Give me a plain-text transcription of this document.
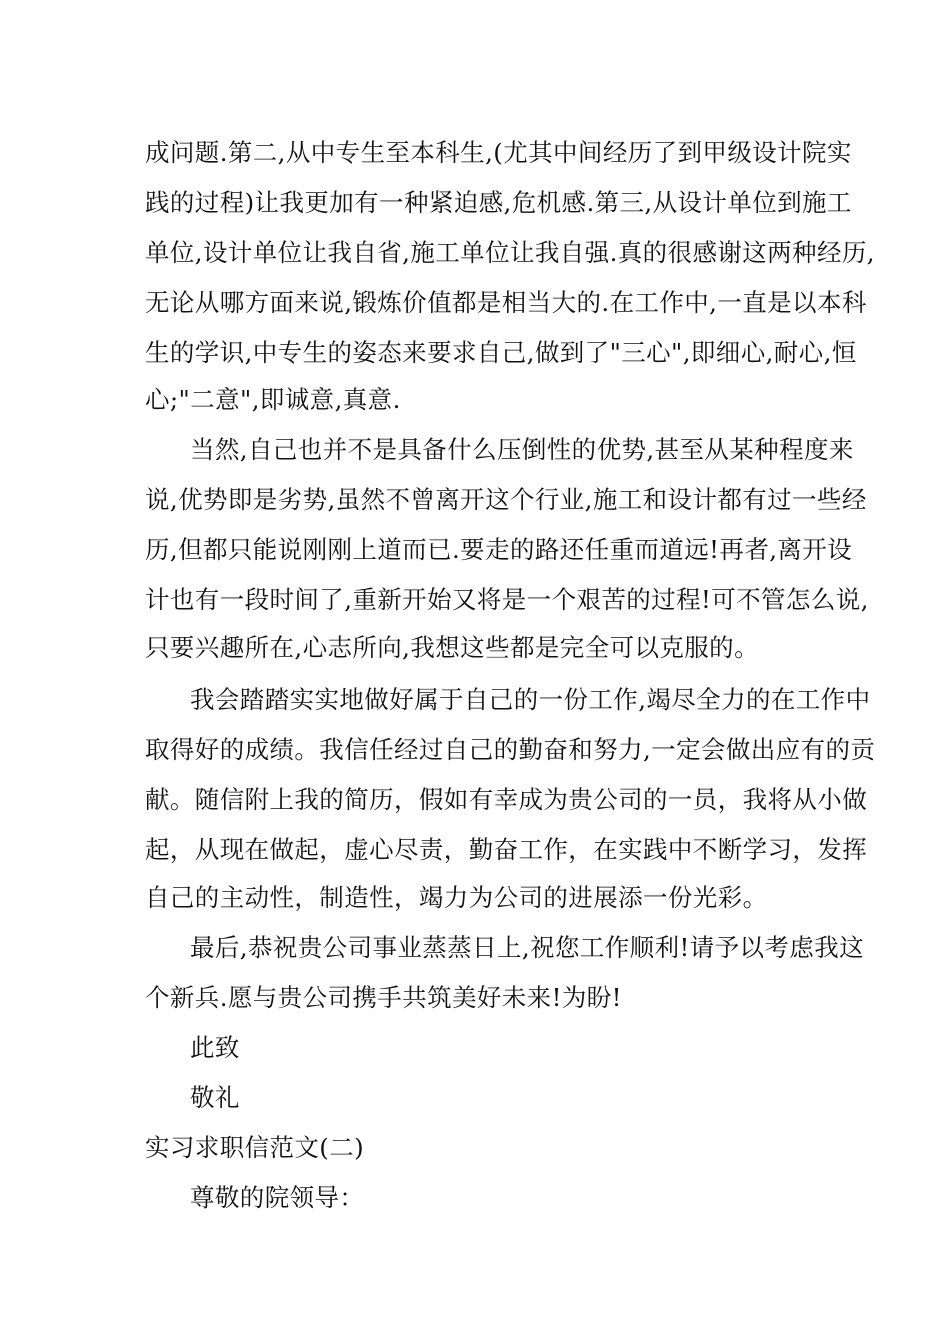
成问题.第二,从中专生至本科生,(尤其中间经历了到甲级设计院实
践的过程)让我更加有一种紧迫感,危机感.第三,从设计单位到施工
单位,设计单位让我自省,施工单位让我自强.真的很感谢这两种经历,
无论从哪方面来说,锻炼价值都是相当大的.在工作中,一直是以本科
生的学识,中专生的姿态来要求自己,做到了"三心",即细心,耐心,恒
心;"二意",即诚意,真意.
当然,自己也并不是具备什么压倒性的优势,甚至从某种程度来
说,优势即是劣势,虽然不曾离开这个行业,施工和设计都有过一些经
历,但都只能说刚刚上道而已.要走的路还任重而道远!再者,离开设
计也有一段时间了,重新开始又将是一个艰苦的过程!可不管怎么说,
只要兴趣所在,心志所向,我想这些都是完全可以克服的。
我会踏踏实实地做好属于自己的一份工作,竭尽全力的在工作中
取得好的成绩。我信任经过自己的勤奋和努力,一定会做出应有的贡
献。随信附上我的简历，假如有幸成为贵公司的一员，我将从小做
起，从现在做起，虚心尽责，勤奋工作，在实践中不断学习，发挥
自己的主动性，制造性，竭力为公司的进展添一份光彩。
最后,恭祝贵公司事业蒸蒸日上,祝您工作顺利!请予以考虑我这
个新兵.愿与贵公司携手共筑美好未来!为盼!
此致
敬礼
实习求职信范文(二)
尊敬的院领导：
